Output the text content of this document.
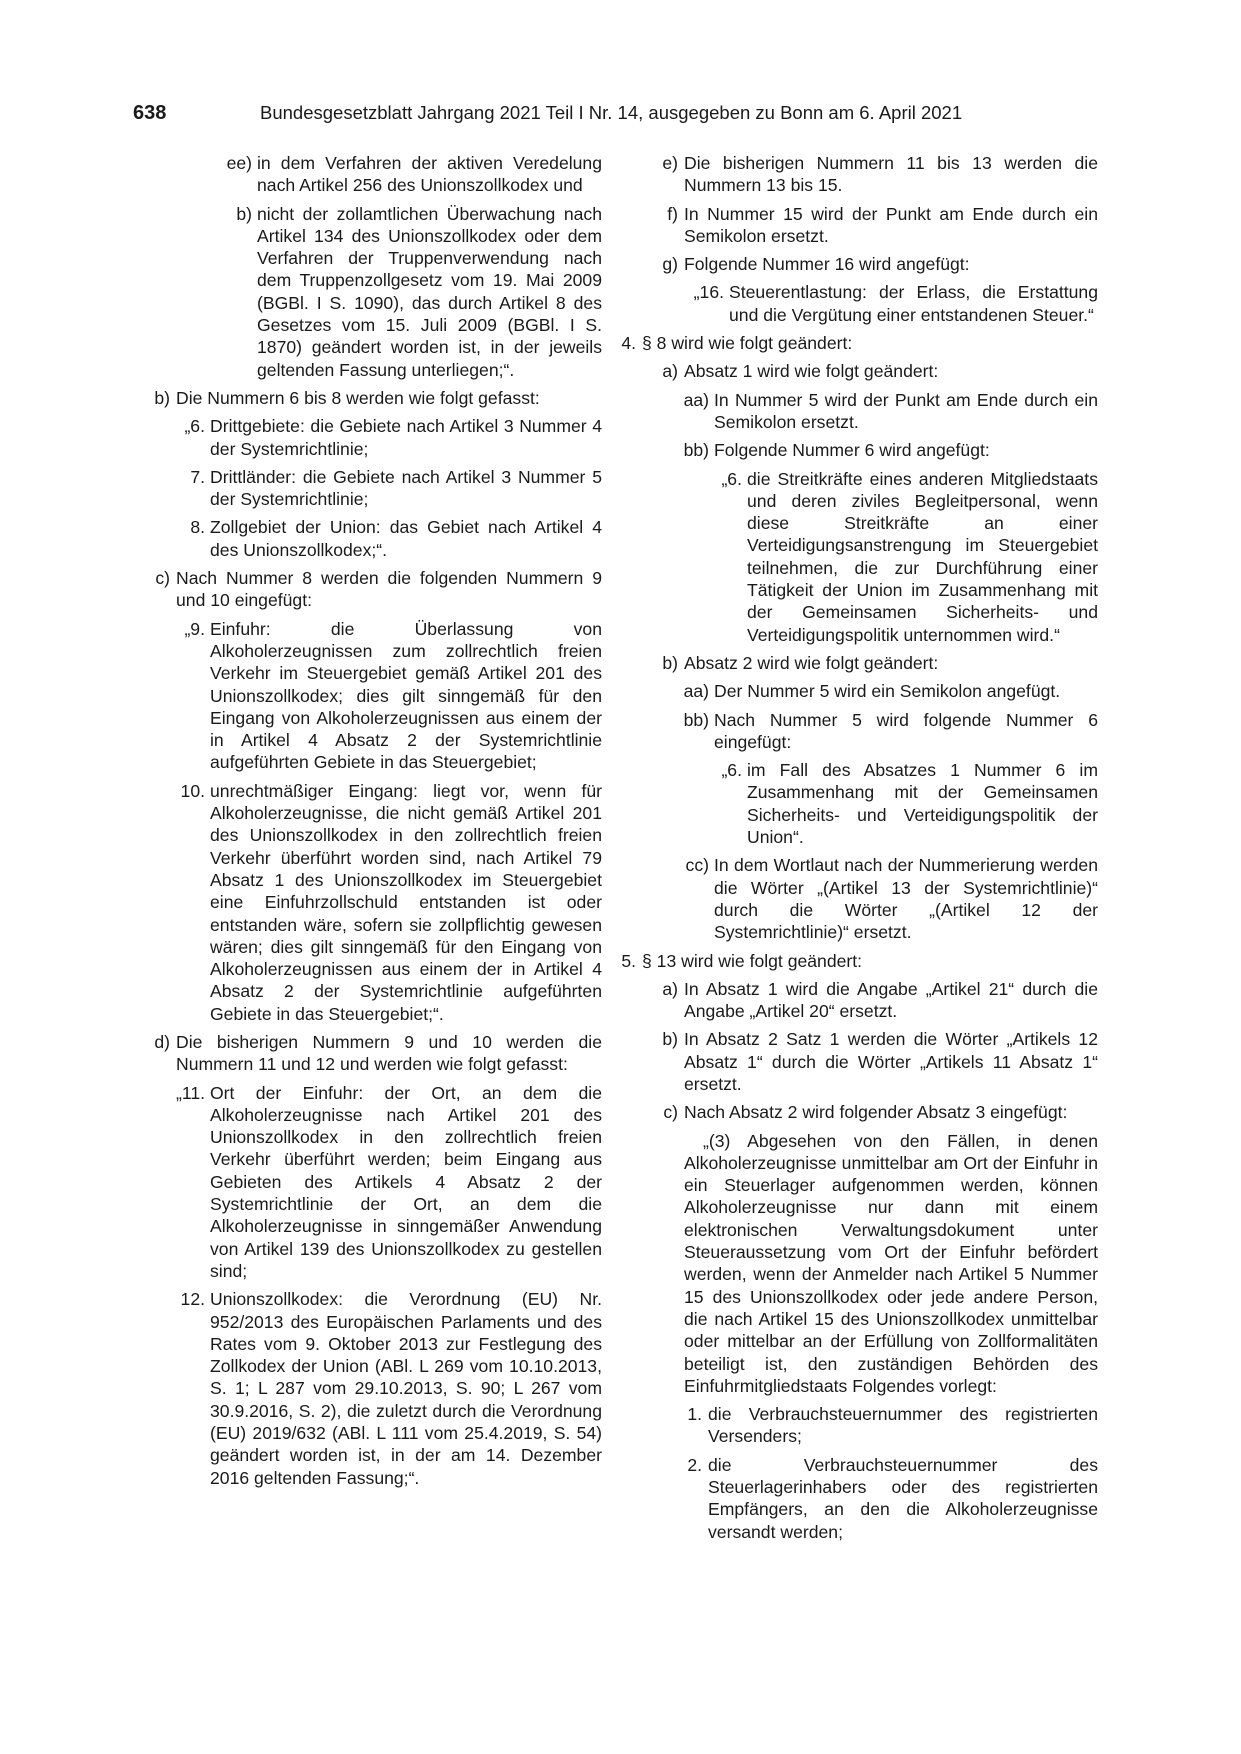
638	Bundesgesetzblatt Jahrgang 2021 Teil I Nr. 14, ausgegeben zu Bonn am 6. April 2021
ee) in dem Verfahren der aktiven Veredelung nach Artikel 256 des Unionszollkodex und
b) nicht der zollamtlichen Überwachung nach Artikel 134 des Unionszollkodex oder dem Verfahren der Truppenverwendung nach dem Truppenzollgesetz vom 19. Mai 2009 (BGBl. I S. 1090), das durch Artikel 8 des Gesetzes vom 15. Juli 2009 (BGBl. I S. 1870) geändert worden ist, in der jeweils geltenden Fassung unterliegen;“.
b) Die Nummern 6 bis 8 werden wie folgt gefasst:
„6. Drittgebiete: die Gebiete nach Artikel 3 Nummer 4 der Systemrichtlinie;
7. Drittländer: die Gebiete nach Artikel 3 Nummer 5 der Systemrichtlinie;
8. Zollgebiet der Union: das Gebiet nach Artikel 4 des Unionszollkodex;“.
c) Nach Nummer 8 werden die folgenden Nummern 9 und 10 eingefügt:
„9. Einfuhr: die Überlassung von Alkoholerzeugnissen zum zollrechtlich freien Verkehr im Steuergebiet gemäß Artikel 201 des Unionszollkodex; dies gilt sinngemäß für den Eingang von Alkoholerzeugnissen aus einem der in Artikel 4 Absatz 2 der Systemrichtlinie aufgeführten Gebiete in das Steuergebiet;
10. unrechtmäßiger Eingang: liegt vor, wenn für Alkoholerzeugnisse, die nicht gemäß Artikel 201 des Unionszollkodex in den zollrechtlich freien Verkehr überführt worden sind, nach Artikel 79 Absatz 1 des Unionszollkodex im Steuergebiet eine Einfuhrzollschuld entstanden ist oder entstanden wäre, sofern sie zollpflichtig gewesen wären; dies gilt sinngemäß für den Eingang von Alkoholerzeugnissen aus einem der in Artikel 4 Absatz 2 der Systemrichtlinie aufgeführten Gebiete in das Steuergebiet;“.
d) Die bisherigen Nummern 9 und 10 werden die Nummern 11 und 12 und werden wie folgt gefasst:
„11. Ort der Einfuhr: der Ort, an dem die Alkoholerzeugnisse nach Artikel 201 des Unionszollkodex in den zollrechtlich freien Verkehr überführt werden; beim Eingang aus Gebieten des Artikels 4 Absatz 2 der Systemrichtlinie der Ort, an dem die Alkoholerzeugnisse in sinngemäßer Anwendung von Artikel 139 des Unionszollkodex zu gestellen sind;
12. Unionszollkodex: die Verordnung (EU) Nr. 952/2013 des Europäischen Parlaments und des Rates vom 9. Oktober 2013 zur Festlegung des Zollkodex der Union (ABl. L 269 vom 10.10.2013, S. 1; L 287 vom 29.10.2013, S. 90; L 267 vom 30.9.2016, S. 2), die zuletzt durch die Verordnung (EU) 2019/632 (ABl. L 111 vom 25.4.2019, S. 54) geändert worden ist, in der am 14. Dezember 2016 geltenden Fassung;“.
e) Die bisherigen Nummern 11 bis 13 werden die Nummern 13 bis 15.
f) In Nummer 15 wird der Punkt am Ende durch ein Semikolon ersetzt.
g) Folgende Nummer 16 wird angefügt:
„16. Steuerentlastung: der Erlass, die Erstattung und die Vergütung einer entstandenen Steuer.“
4. § 8 wird wie folgt geändert:
a) Absatz 1 wird wie folgt geändert:
aa) In Nummer 5 wird der Punkt am Ende durch ein Semikolon ersetzt.
bb) Folgende Nummer 6 wird angefügt:
„6. die Streitkräfte eines anderen Mitgliedstaats und deren ziviles Begleitpersonal, wenn diese Streitkräfte an einer Verteidigungsanstrengung im Steuergebiet teilnehmen, die zur Durchführung einer Tätigkeit der Union im Zusammenhang mit der Gemeinsamen Sicherheits- und Verteidigungspolitik unternommen wird.“
b) Absatz 2 wird wie folgt geändert:
aa) Der Nummer 5 wird ein Semikolon angefügt.
bb) Nach Nummer 5 wird folgende Nummer 6 eingefügt:
„6. im Fall des Absatzes 1 Nummer 6 im Zusammenhang mit der Gemeinsamen Sicherheits- und Verteidigungspolitik der Union“.
cc) In dem Wortlaut nach der Nummerierung werden die Wörter „(Artikel 13 der Systemrichtlinie)“ durch die Wörter „(Artikel 12 der Systemrichtlinie)“ ersetzt.
5. § 13 wird wie folgt geändert:
a) In Absatz 1 wird die Angabe „Artikel 21“ durch die Angabe „Artikel 20“ ersetzt.
b) In Absatz 2 Satz 1 werden die Wörter „Artikels 12 Absatz 1“ durch die Wörter „Artikels 11 Absatz 1“ ersetzt.
c) Nach Absatz 2 wird folgender Absatz 3 eingefügt:
„(3) Abgesehen von den Fällen, in denen Alkoholerzeugnisse unmittelbar am Ort der Einfuhr in ein Steuerlager aufgenommen werden, können Alkoholerzeugnisse nur dann mit einem elektronischen Verwaltungsdokument unter Steueraussetzung vom Ort der Einfuhr befördert werden, wenn der Anmelder nach Artikel 5 Nummer 15 des Unionszollkodex oder jede andere Person, die nach Artikel 15 des Unionszollkodex unmittelbar oder mittelbar an der Erfüllung von Zollformalitäten beteiligt ist, den zuständigen Behörden des Einfuhrmitgliedstaats Folgendes vorlegt:
1. die Verbrauchsteuernummer des registrierten Versenders;
2. die Verbrauchsteuernummer des Steuerlagerinhabers oder des registrierten Empfängers, an den die Alkoholerzeugnisse versandt werden;
